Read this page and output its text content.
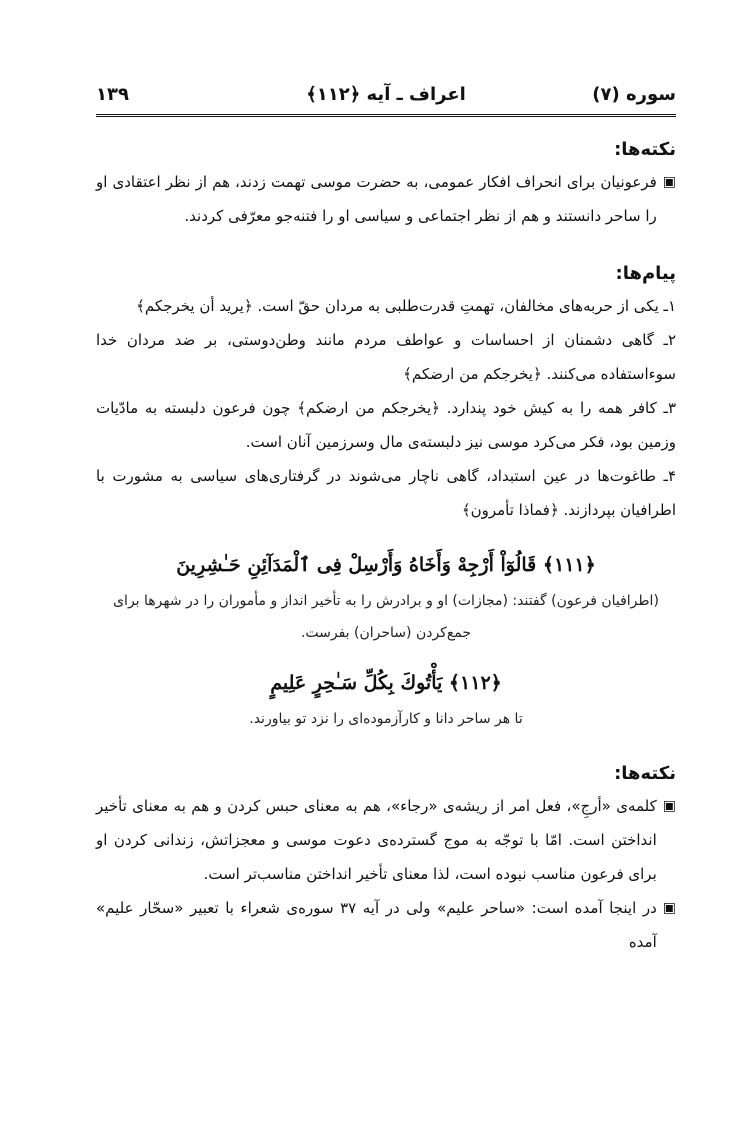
سوره (۷)
اعراف ـ آیه ﴿۱۱۲﴾
۱۳۹
نکته‌ها:
▣

فرعونیان برای انحراف افکار عمومی، به حضرت موسی تهمت زدند، هم از نظر اعتقادی او را ساحر دانستند و هم از نظر اجتماعی و سیاسی او را فتنه‌جو معرّفی کردند.

پیام‌ها:
۱ـ یکی از حربه‌های مخالفان، تهمتِ قدرت‌طلبی به مردان حقّ است. ﴿یرید أن یخرجکم﴾
۲ـ گاهی دشمنان از احساسات و عواطف مردم مانند وطن‌دوستی، بر ضد مردان خدا سوءاستفاده می‌کنند. ﴿یخرجکم من ارضکم﴾
۳ـ کافر همه را به کیش خود پندارد. ﴿یخرجکم من ارضکم﴾ چون فرعون دلبسته به مادّیات وزمین بود، فکر می‌کرد موسی نیز دلبسته‌ی مال وسرزمین آنان است.
۴ـ طاغوت‌ها در عین استبداد، گاهی ناچار می‌شوند در گرفتاری‌های سیاسی به مشورت با اطرافیان بپردازند. ﴿فماذا تأمرون﴾
﴿۱۱۱﴾ قَالُوٓاْ أَرْجِهْ وَأَخَاهُ وَأَرْسِلْ فِى ٱلْمَدَآئِنِ حَـٰشِرِينَ
(اطرافیان فرعون) گفتند: (مجازات) او و برادرش را به تأخیر انداز و مأموران را در شهرها برای جمع‌کردن (ساحران) بفرست.
﴿۱۱۲﴾ يَأْتُوكَ بِكُلِّ سَـٰحِرٍ عَلِيمٍ
تا هر ساحر دانا و کارآزموده‌ای را نزد تو بیاورند.
نکته‌ها:
▣

کلمه‌ی «أرجِ»، فعل امر از ریشه‌ی «رجاء»، هم به معنای حبس کردن و هم به معنای تأخیر انداختن است. امّا با توجّه به موج گسترده‌ی دعوت موسی و معجزاتش، زندانی کردن او برای فرعون مناسب نبوده است، لذا معنای تأخیر انداختن مناسب‌تر است.

▣

در اینجا آمده است: «ساحر علیم» ولی در آیه ۳۷ سوره‌ی شعراء با تعبیر «سحّار علیم» آمده
